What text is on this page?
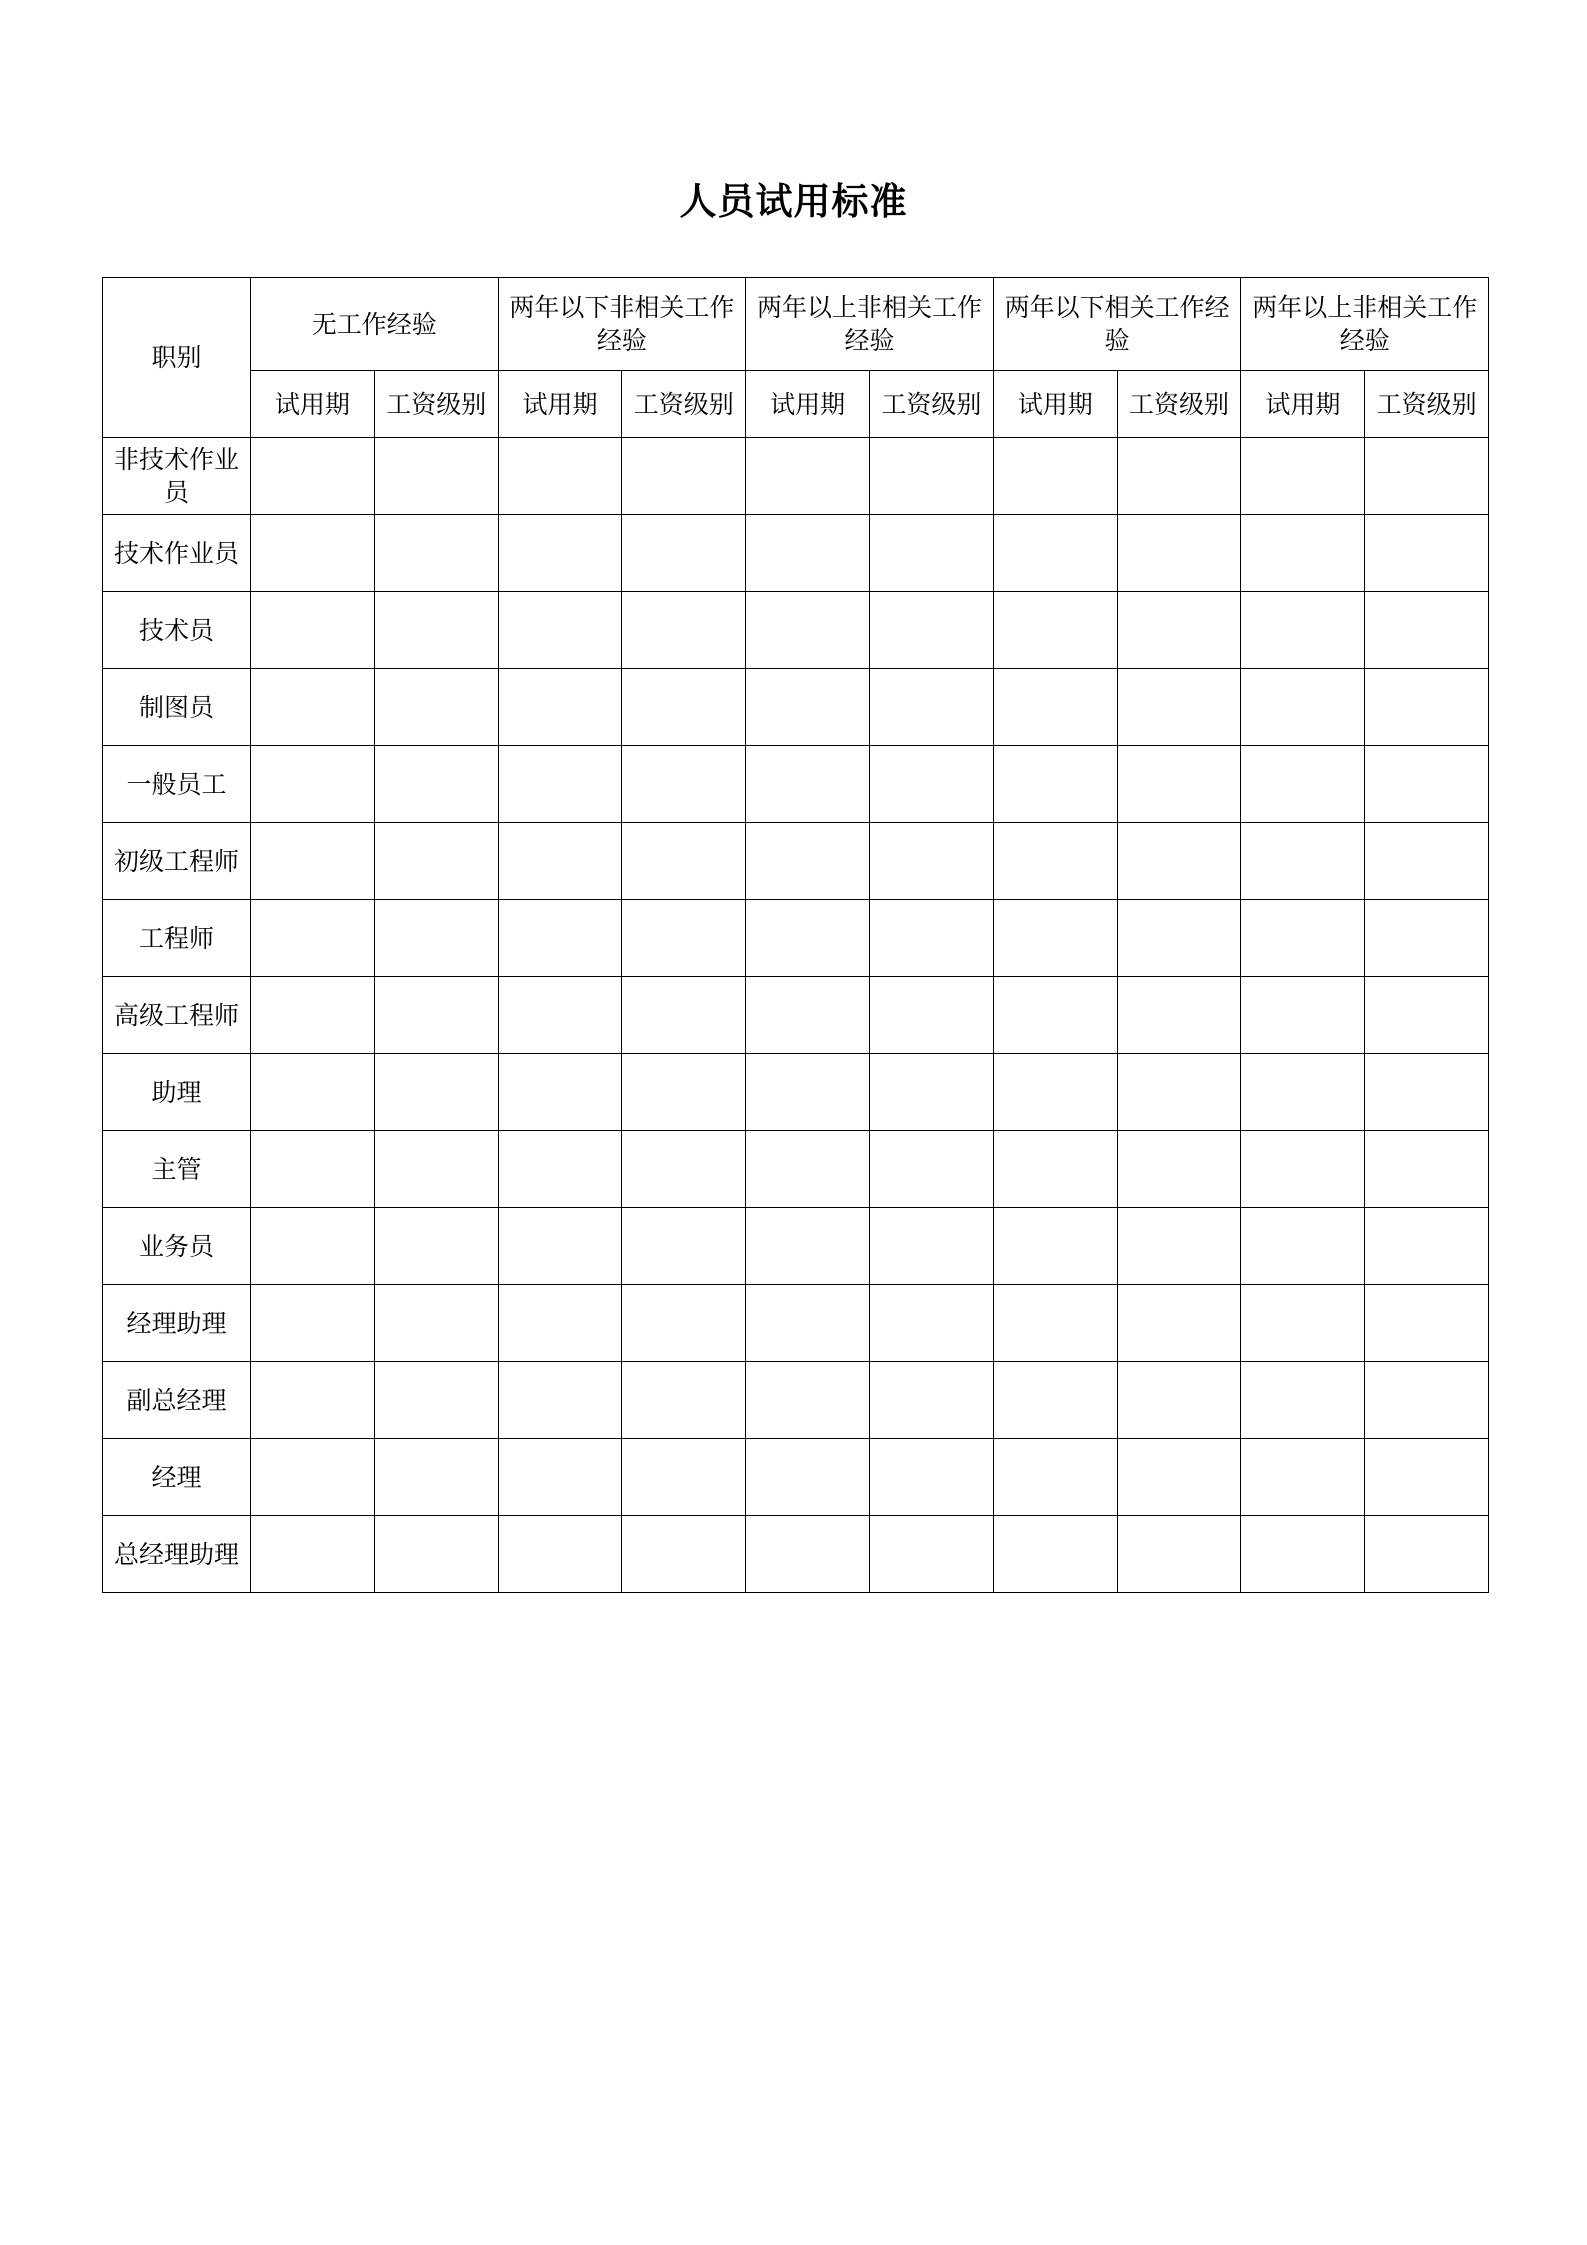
人员试用标准
职别	无工作经验		两年以下非相关工作经验		两年以上非相关工作经验		两年以下相关工作经验		两年以上非相关工作经验	
	试用期	工资级别	试用期	工资级别	试用期	工资级别	试用期	工资级别	试用期	工资级别
非技术作业员										
技术作业员										
技术员										
制图员										
一般员工										
初级工程师										
工程师										
高级工程师										
助理										
主管										
业务员										
经理助理										
副总经理										
经理										
总经理助理										
